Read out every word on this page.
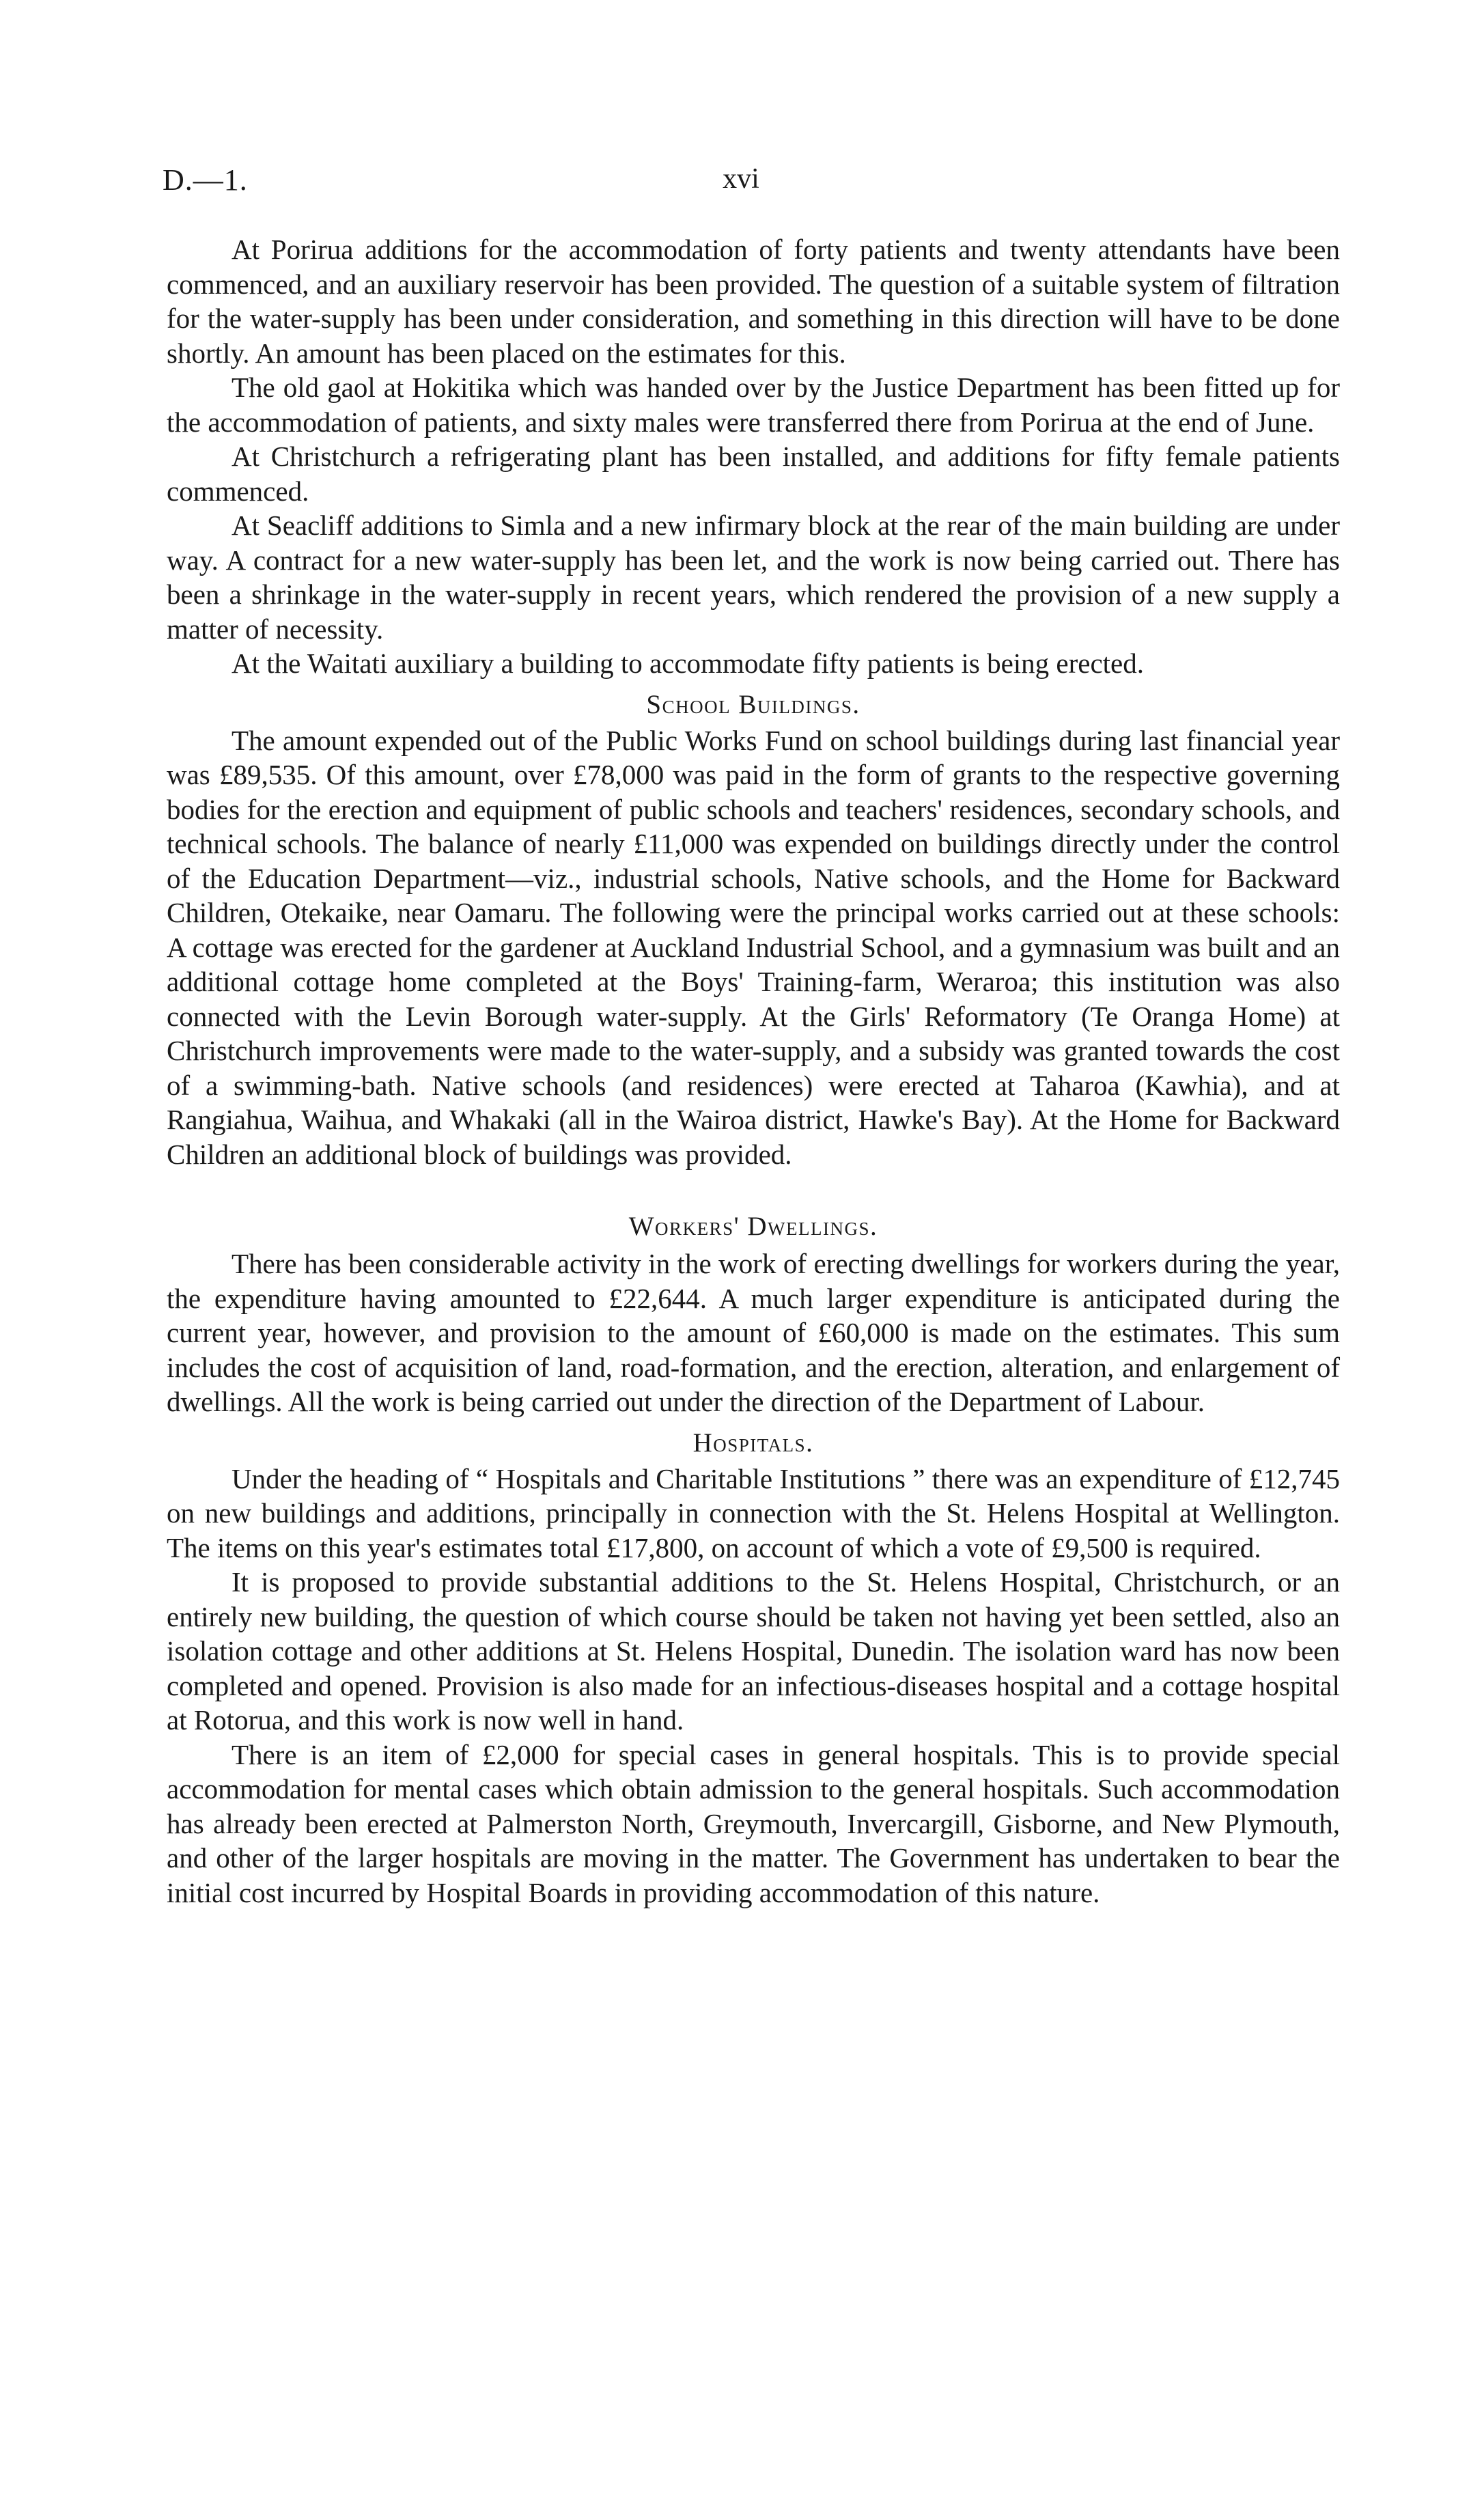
D.—1.	xvi

At Porirua additions for the accommodation of forty patients and twenty attendants have been commenced, and an auxiliary reservoir has been provided. The question of a suitable system of filtration for the water-supply has been under consideration, and something in this direction will have to be done shortly. An amount has been placed on the estimates for this.

The old gaol at Hokitika which was handed over by the Justice Department has been fitted up for the accommodation of patients, and sixty males were transferred there from Porirua at the end of June.

At Christchurch a refrigerating plant has been installed, and additions for fifty female patients commenced.

At Seacliff additions to Simla and a new infirmary block at the rear of the main building are under way. A contract for a new water-supply has been let, and the work is now being carried out. There has been a shrinkage in the water-supply in recent years, which rendered the provision of a new supply a matter of necessity.

At the Waitati auxiliary a building to accommodate fifty patients is being erected.

School Buildings.

The amount expended out of the Public Works Fund on school buildings during last financial year was £89,535. Of this amount, over £78,000 was paid in the form of grants to the respective governing bodies for the erection and equipment of public schools and teachers' residences, secondary schools, and technical schools. The balance of nearly £11,000 was expended on buildings directly under the control of the Education Department—viz., industrial schools, Native schools, and the Home for Backward Children, Otekaike, near Oamaru. The following were the principal works carried out at these schools: A cottage was erected for the gardener at Auckland Industrial School, and a gymnasium was built and an additional cottage home completed at the Boys' Training-farm, Weraroa; this institution was also connected with the Levin Borough water-supply. At the Girls' Reformatory (Te Oranga Home) at Christchurch improvements were made to the water-supply, and a subsidy was granted towards the cost of a swimming-bath. Native schools (and residences) were erected at Taharoa (Kawhia), and at Rangiahua, Waihua, and Whakaki (all in the Wairoa district, Hawke's Bay). At the Home for Backward Children an additional block of buildings was provided.

Workers' Dwellings.

There has been considerable activity in the work of erecting dwellings for workers during the year, the expenditure having amounted to £22,644. A much larger expenditure is anticipated during the current year, however, and provision to the amount of £60,000 is made on the estimates. This sum includes the cost of acquisition of land, road-formation, and the erection, alteration, and enlargement of dwellings. All the work is being carried out under the direction of the Department of Labour.

Hospitals.

Under the heading of “ Hospitals and Charitable Institutions ” there was an expenditure of £12,745 on new buildings and additions, principally in connection with the St. Helens Hospital at Wellington. The items on this year's estimates total £17,800, on account of which a vote of £9,500 is required.

It is proposed to provide substantial additions to the St. Helens Hospital, Christchurch, or an entirely new building, the question of which course should be taken not having yet been settled, also an isolation cottage and other additions at St. Helens Hospital, Dunedin. The isolation ward has now been completed and opened. Provision is also made for an infectious-diseases hospital and a cottage hospital at Rotorua, and this work is now well in hand.

There is an item of £2,000 for special cases in general hospitals. This is to provide special accommodation for mental cases which obtain admission to the general hospitals. Such accommodation has already been erected at Palmerston North, Greymouth, Invercargill, Gisborne, and New Plymouth, and other of the larger hospitals are moving in the matter. The Government has undertaken to bear the initial cost incurred by Hospital Boards in providing accommodation of this nature.
